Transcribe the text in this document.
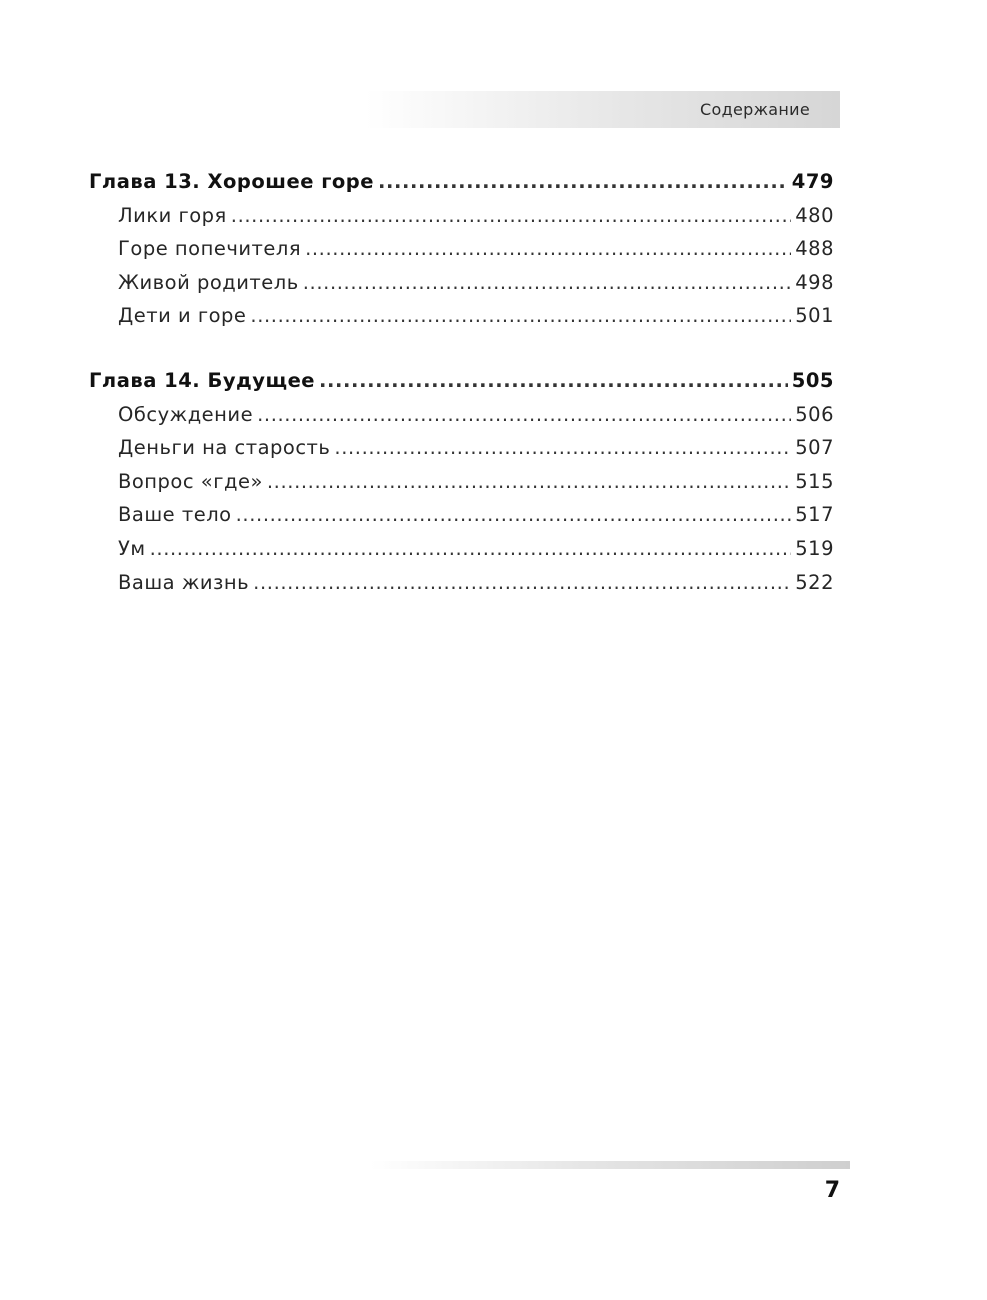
Содержание
Глава 13. Хорошее горе .....	479
Лики горя .....	480
Горе попечителя .....	488
Живой родитель .....	498
Дети и горе .....	501
Глава 14. Будущее .....	505
Обсуждение .....	506
Деньги на старость .....	507
Вопрос «где» .....	515
Ваше тело .....	517
Ум .....	519
Ваша жизнь .....	522
7
